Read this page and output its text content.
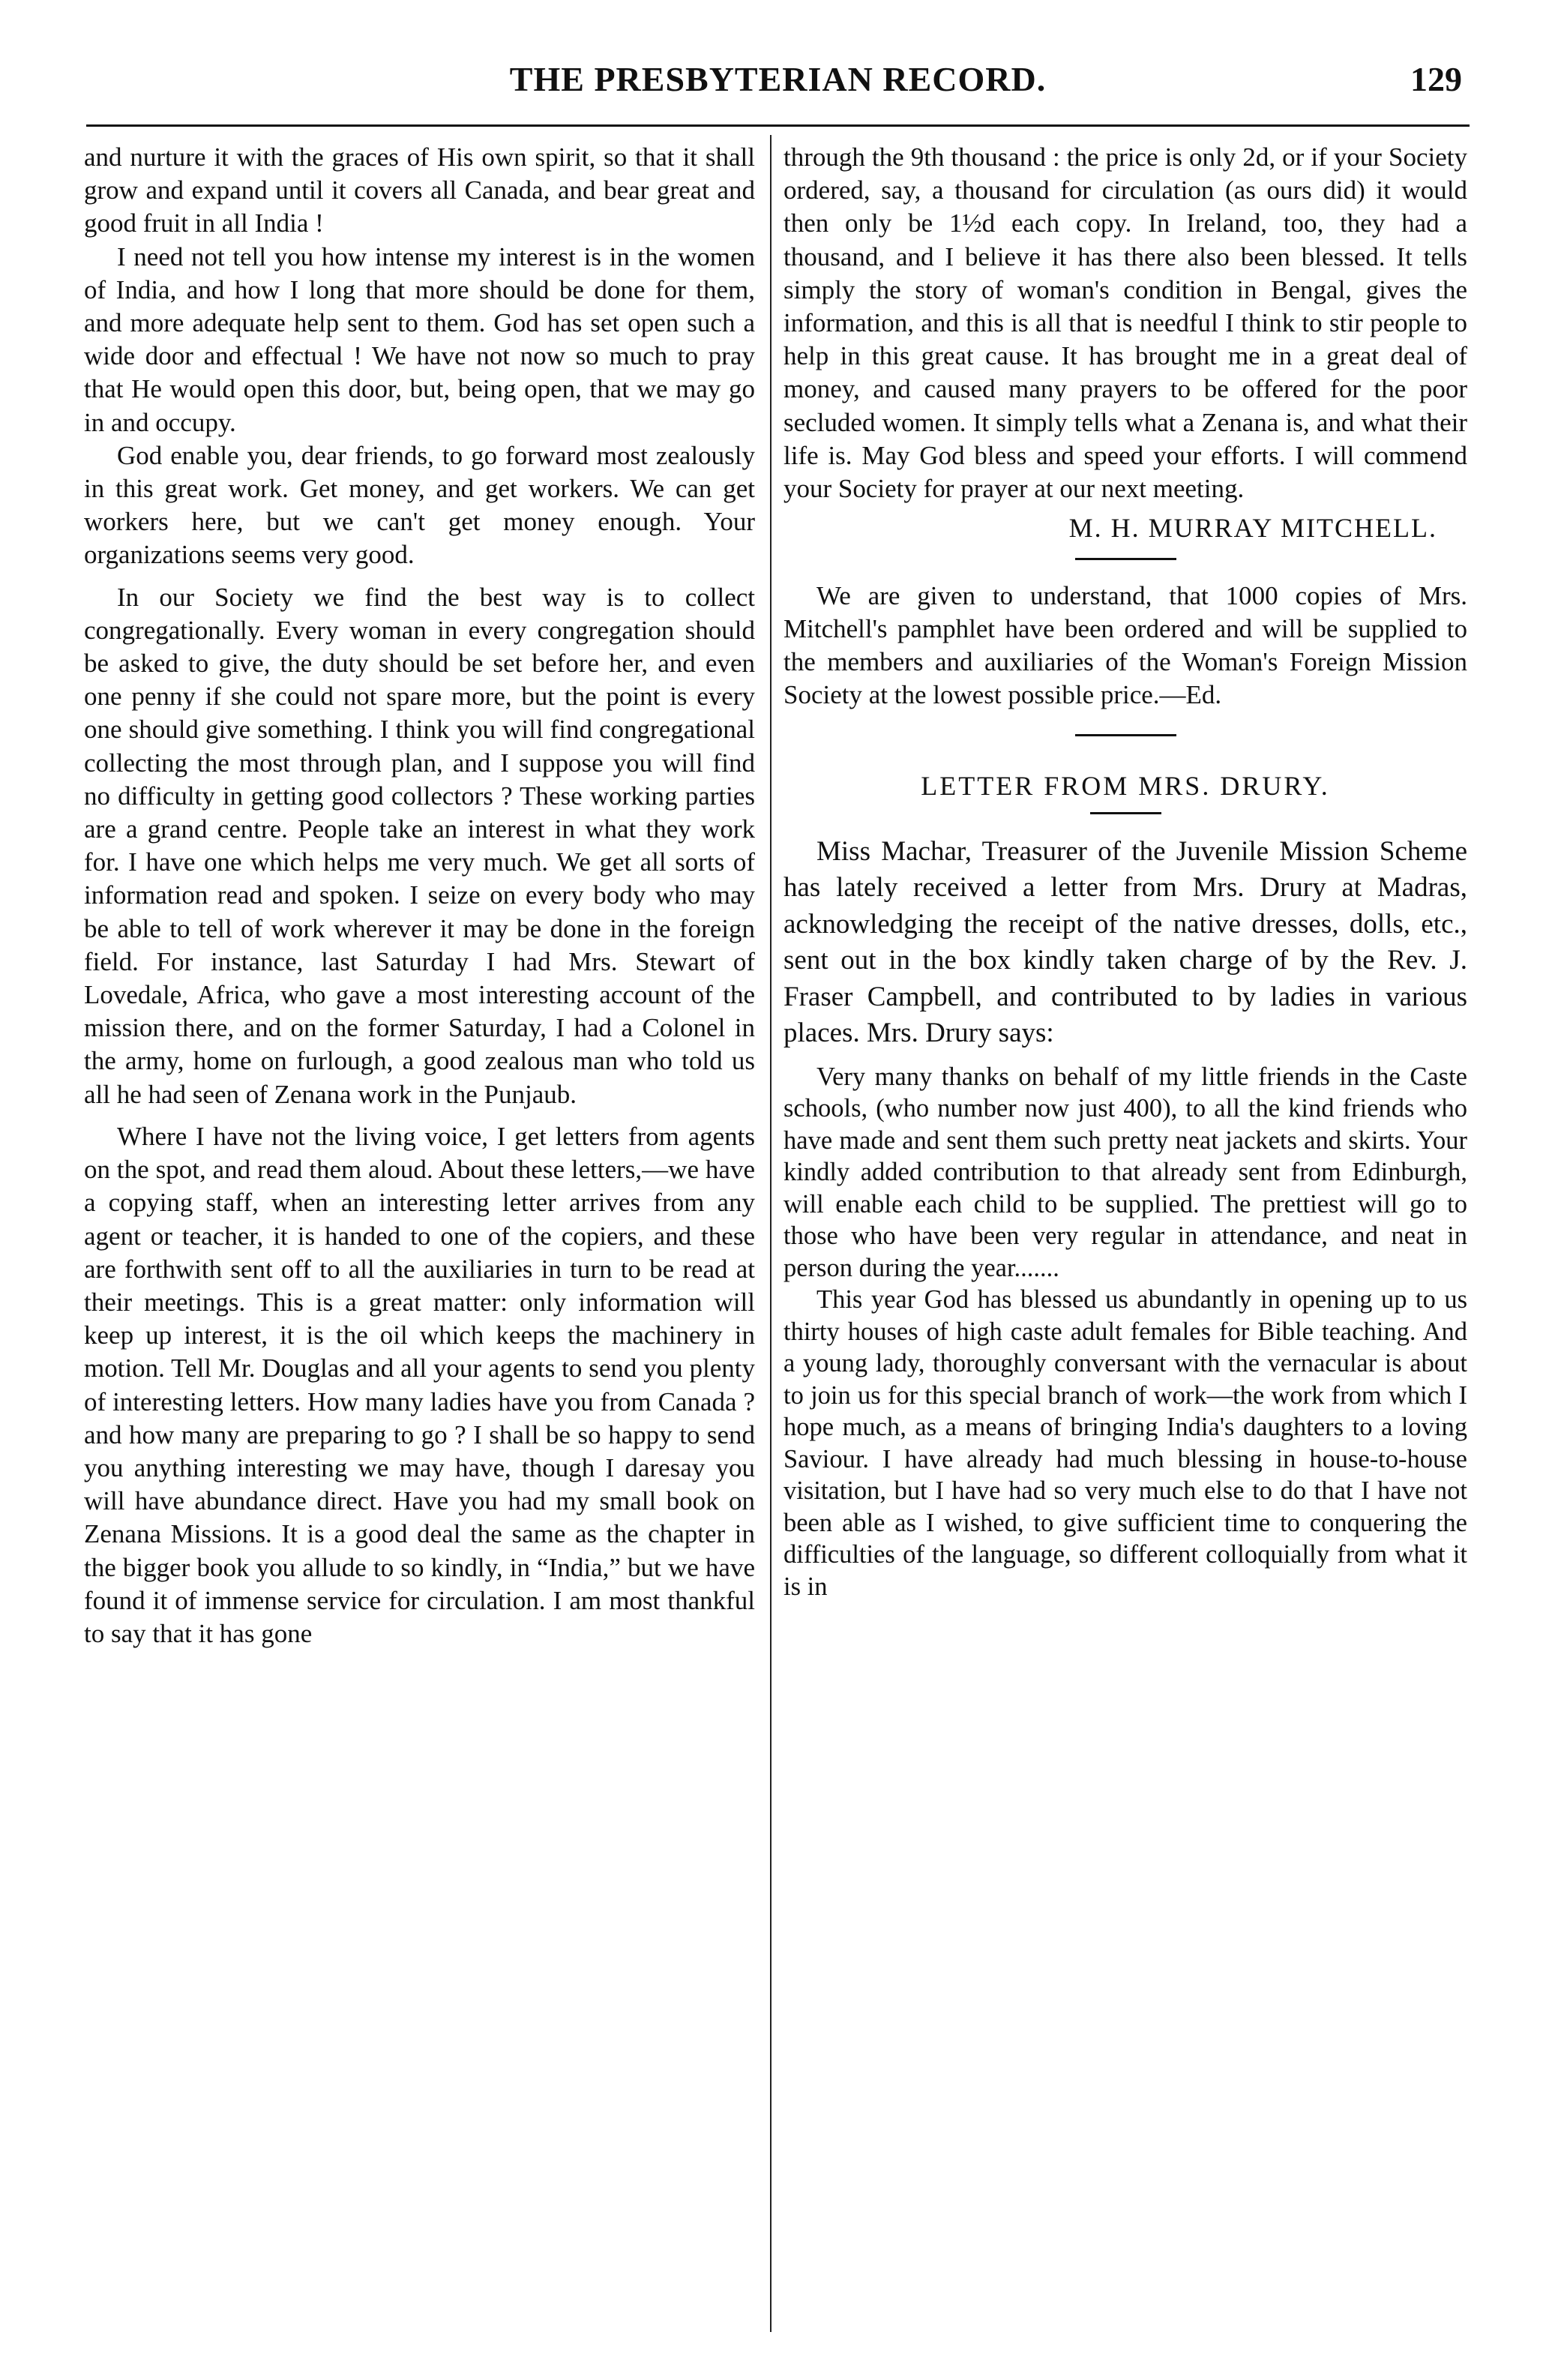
THE PRESBYTERIAN RECORD.	129

and nurture it with the graces of His own spirit, so that it shall grow and expand until it covers all Canada, and bear great and good fruit in all India !

I need not tell you how intense my interest is in the women of India, and how I long that more should be done for them, and more adequate help sent to them. God has set open such a wide door and effectual ! We have not now so much to pray that He would open this door, but, being open, that we may go in and occupy.

God enable you, dear friends, to go forward most zealously in this great work. Get money, and get workers. We can get workers here, but we can't get money enough. Your organizations seems very good.

In our Society we find the best way is to collect congregationally. Every woman in every congregation should be asked to give, the duty should be set before her, and even one penny if she could not spare more, but the point is every one should give something. I think you will find congregational collecting the most through plan, and I suppose you will find no difficulty in getting good collectors ? These working parties are a grand centre. People take an interest in what they work for. I have one which helps me very much. We get all sorts of information read and spoken. I seize on every body who may be able to tell of work wherever it may be done in the foreign field. For instance, last Saturday I had Mrs. Stewart of Lovedale, Africa, who gave a most interesting account of the mission there, and on the former Saturday, I had a Colonel in the army, home on furlough, a good zealous man who told us all he had seen of Zenana work in the Punjaub.

Where I have not the living voice, I get letters from agents on the spot, and read them aloud. About these letters,—we have a copying staff, when an interesting letter arrives from any agent or teacher, it is handed to one of the copiers, and these are forthwith sent off to all the auxiliaries in turn to be read at their meetings. This is a great matter: only information will keep up interest, it is the oil which keeps the machinery in motion. Tell Mr. Douglas and all your agents to send you plenty of interesting letters. How many ladies have you from Canada ? and how many are preparing to go ? I shall be so happy to send you anything interesting we may have, though I daresay you will have abundance direct. Have you had my small book on Zenana Missions. It is a good deal the same as the chapter in the bigger book you allude to so kindly, in “India,” but we have found it of immense service for circulation. I am most thankful to say that it has gone

through the 9th thousand : the price is only 2d, or if your Society ordered, say, a thousand for circulation (as ours did) it would then only be 1½d each copy. In Ireland, too, they had a thousand, and I believe it has there also been blessed. It tells simply the story of woman's condition in Bengal, gives the information, and this is all that is needful I think to stir people to help in this great cause. It has brought me in a great deal of money, and caused many prayers to be offered for the poor secluded women. It simply tells what a Zenana is, and what their life is. May God bless and speed your efforts. I will commend your Society for prayer at our next meeting.

M. H. MURRAY MITCHELL.

We are given to understand, that 1000 copies of Mrs. Mitchell's pamphlet have been ordered and will be supplied to the members and auxiliaries of the Woman's Foreign Mission Society at the lowest possible price.—Ed.

LETTER FROM MRS. DRURY.

Miss Machar, Treasurer of the Juvenile Mission Scheme has lately received a letter from Mrs. Drury at Madras, acknowledging the receipt of the native dresses, dolls, etc., sent out in the box kindly taken charge of by the Rev. J. Fraser Campbell, and contributed to by ladies in various places. Mrs. Drury says:

Very many thanks on behalf of my little friends in the Caste schools, (who number now just 400), to all the kind friends who have made and sent them such pretty neat jackets and skirts. Your kindly added contribution to that already sent from Edinburgh, will enable each child to be supplied. The prettiest will go to those who have been very regular in attendance, and neat in person during the year.......

This year God has blessed us abundantly in opening up to us thirty houses of high caste adult females for Bible teaching. And a young lady, thoroughly conversant with the vernacular is about to join us for this special branch of work—the work from which I hope much, as a means of bringing India's daughters to a loving Saviour. I have already had much blessing in house-to-house visitation, but I have had so very much else to do that I have not been able as I wished, to give sufficient time to conquering the difficulties of the language, so different colloquially from what it is in
